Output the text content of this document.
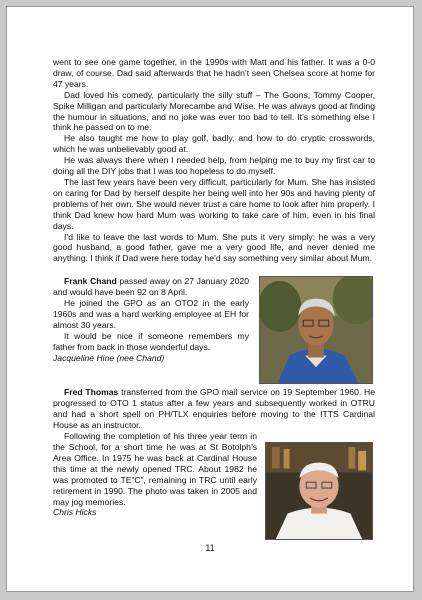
went to see one game together, in the 1990s with Matt and his father. It was a 0-0 draw, of course. Dad said afterwards that he hadn’t seen Chelsea score at home for 47 years.

Dad loved his comedy, particularly the silly stuff – The Goons, Tommy Cooper, Spike Milligan and particularly Morecambe and Wise. He was always good at finding the humour in situations, and no joke was ever too bad to tell. It’s something else I think he passed on to me.

He also taught me how to play golf, badly, and how to do cryptic crosswords, which he was unbelievably good at.

He was always there when I needed help, from helping me to buy my first car to doing all the DIY jobs that I was too hopeless to do myself.

The last few years have been very difficult, particularly for Mum. She has insisted on caring for Dad by herself despite her being well into her 90s and having plenty of problems of her own. She would never trust a care home to look after him properly. I think Dad knew how hard Mum was working to take care of him, even in his final days.

I’d like to leave the last words to Mum. She puts it very simply: he was a very good husband, a good father, gave me a very good life, and never denied me anything. I think if Dad were here today he’d say something very similar about Mum.

Frank Chand passed away on 27 January 2020 and would have been 92 on 8 April.

He joined the GPO as an OTO2 in the early 1960s and was a hard working employee at EH for almost 30 years.

It would be nice if someone remembers my father from back in those wonderful days.

Jacqueline Hine (nee Chand)

Fred Thomas transferred from the GPO mail service on 19 September 1960. He progressed to OTO 1 status after a few years and subsequently worked in OTRU and had a short spell on PH/TLX enquiries before moving to the ITTS Cardinal House as an instructor.

Following the completion of his three year term in the School, for a short time he was at St Botolph’s Area Office. In 1975 he was back at Cardinal House this time at the newly opened TRC. About 1982 he was promoted to TE”C”, remaining in TRC until early retirement in 1990. The photo was taken in 2005 and may jog memories.

Chris Hicks

11
